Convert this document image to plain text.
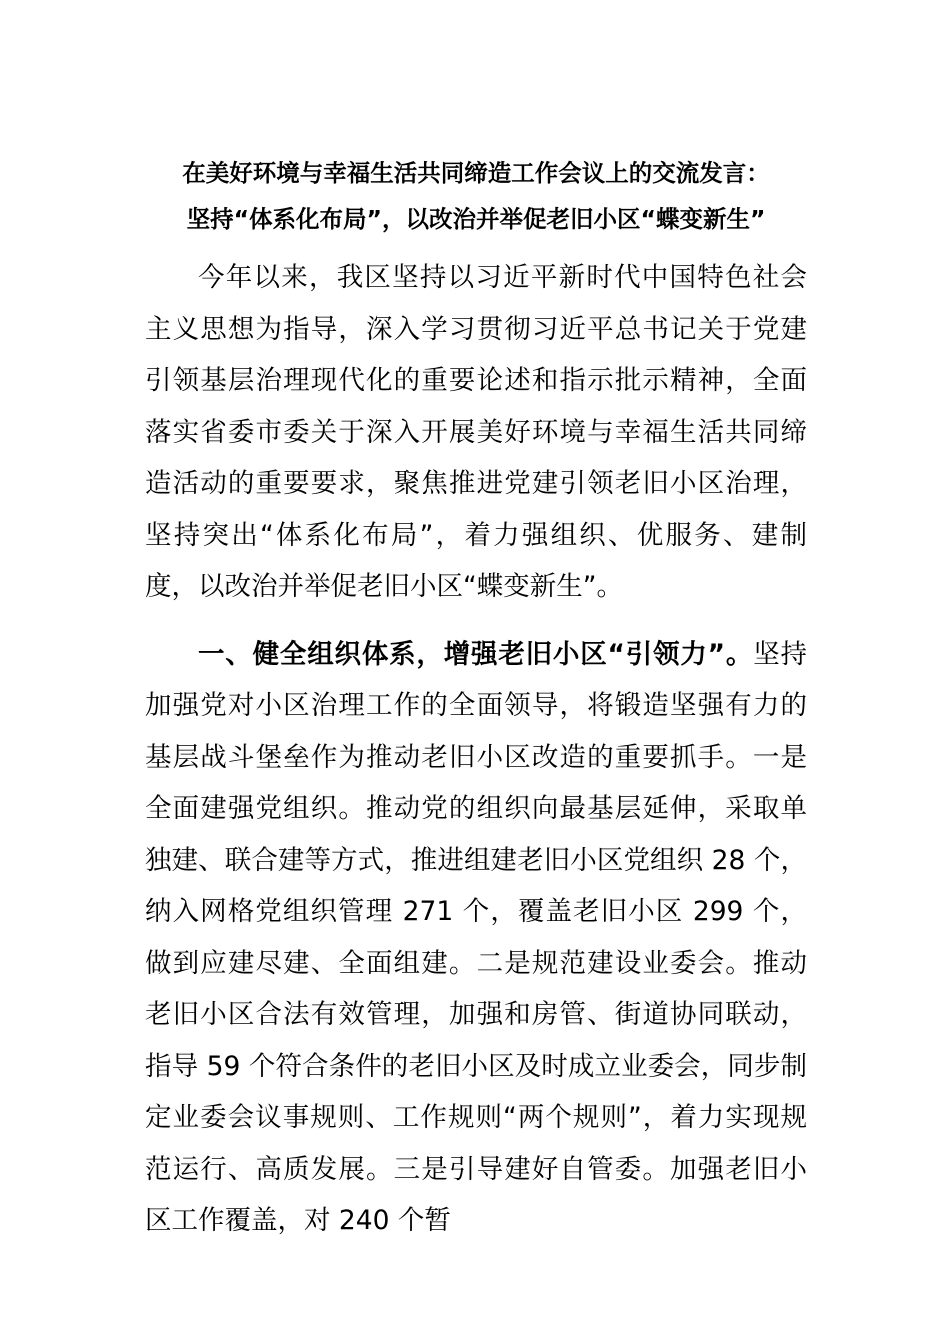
在美好环境与幸福生活共同缔造工作会议上的交流发言：
坚持“体系化布局”，以改治并举促老旧小区“蝶变新生”

今年以来，我区坚持以习近平新时代中国特色社会主义思想为指导，深入学习贯彻习近平总书记关于党建引领基层治理现代化的重要论述和指示批示精神，全面落实省委市委关于深入开展美好环境与幸福生活共同缔造活动的重要要求，聚焦推进党建引领老旧小区治理，坚持突出“体系化布局”，着力强组织、优服务、建制度，以改治并举促老旧小区“蝶变新生”。

一、健全组织体系，增强老旧小区“引领力”。坚持加强党对小区治理工作的全面领导，将锻造坚强有力的基层战斗堡垒作为推动老旧小区改造的重要抓手。一是全面建强党组织。推动党的组织向最基层延伸，采取单独建、联合建等方式，推进组建老旧小区党组织 28 个，纳入网格党组织管理 271 个，覆盖老旧小区 299 个，做到应建尽建、全面组建。二是规范建设业委会。推动老旧小区合法有效管理，加强和房管、街道协同联动，指导 59 个符合条件的老旧小区及时成立业委会，同步制定业委会议事规则、工作规则“两个规则”，着力实现规范运行、高质发展。三是引导建好自管委。加强老旧小区工作覆盖，对 240 个暂
